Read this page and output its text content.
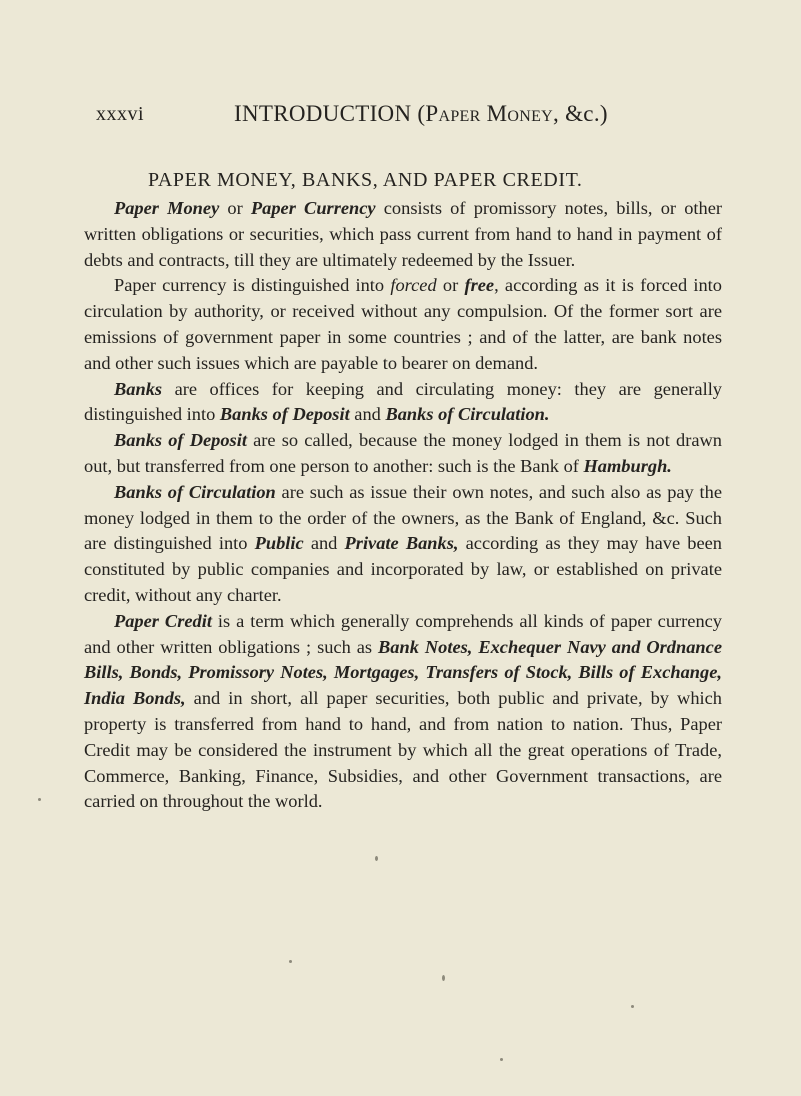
xxxvi	INTRODUCTION (Paper Money, &c.)
PAPER MONEY, BANKS, AND PAPER CREDIT.

Paper Money or Paper Currency consists of promissory notes, bills, or other written obligations or securities, which pass current from hand to hand in payment of debts and contracts, till they are ultimately redeemed by the Issuer.

Paper currency is distinguished into forced or free, according as it is forced into circulation by authority, or received without any compulsion. Of the former sort are emissions of government paper in some countries ; and of the latter, are bank notes and other such issues which are payable to bearer on demand.

Banks are offices for keeping and circulating money: they are generally distinguished into Banks of Deposit and Banks of Circulation.

Banks of Deposit are so called, because the money lodged in them is not drawn out, but transferred from one person to another: such is the Bank of Hamburgh.

Banks of Circulation are such as issue their own notes, and such also as pay the money lodged in them to the order of the owners, as the Bank of England, &c. Such are distinguished into Public and Private Banks, according as they may have been constituted by public companies and incorporated by law, or established on private credit, without any charter.

Paper Credit is a term which generally comprehends all kinds of paper currency and other written obligations ; such as Bank Notes, Exchequer Navy and Ordnance Bills, Bonds, Promissory Notes, Mortgages, Transfers of Stock, Bills of Exchange, India Bonds, and in short, all paper securities, both public and private, by which property is transferred from hand to hand, and from nation to nation. Thus, Paper Credit may be considered the instrument by which all the great operations of Trade, Commerce, Banking, Finance, Subsidies, and other Government transactions, are carried on throughout the world.
